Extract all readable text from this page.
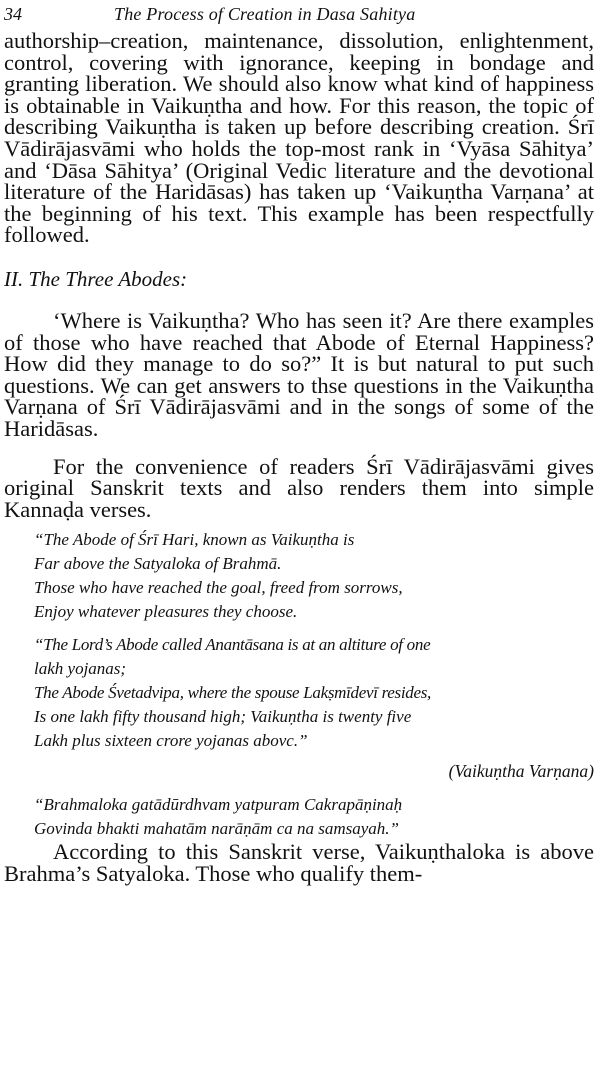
34	The Process of Creation in Dasa Sahitya

authorship–creation, maintenance, dissolution, enlightenment, control, covering with ignorance, keeping in bondage and granting liberation. We should also know what kind of happiness is obtainable in Vaikuṇtha and how. For this reason, the topic of describing Vaikuṇtha is taken up before describing creation. Śrī Vādirājasvāmi who holds the top-most rank in ‘Vyāsa Sāhitya’ and ‘Dāsa Sāhitya’ (Original Vedic literature and the devotional literature of the Haridāsas) has taken up ‘Vaikuṇtha Varṇana’ at the beginning of his text. This example has been respectfully followed.

II. The Three Abodes:

‘Where is Vaikuṇtha? Who has seen it? Are there examples of those who have reached that Abode of Eternal Happiness? How did they manage to do so?” It is but natural to put such questions. We can get answers to thse questions in the Vaikuṇtha Varṇana of Śrī Vādirājasvāmi and in the songs of some of the Haridāsas.

For the convenience of readers Śrī Vādirājasvāmi gives original Sanskrit texts and also renders them into simple Kannaḍa verses.

“The Abode of Śrī Hari, known as Vaikuṇtha is
Far above the Satyaloka of Brahmā.
Those who have reached the goal, freed from sorrows,
Enjoy whatever pleasures they choose.
“The Lord’s Abode called Anantāsana is at an altiture of one
lakh yojanas;
The Abode Śvetadvipa, where the spouse Lakṣmīdevī resides,
Is one lakh fifty thousand high; Vaikuṇtha is twenty five
Lakh plus sixteen crore yojanas abovc.”
(Vaikuṇtha Varṇana)
“Brahmaloka gatādūrdhvam yatpuram Cakrapāṇinaḥ
Govinda bhakti mahatām narāṇām ca na samsayah.”

According to this Sanskrit verse, Vaikuṇthaloka is above Brahma’s Satyaloka. Those who qualify them-
